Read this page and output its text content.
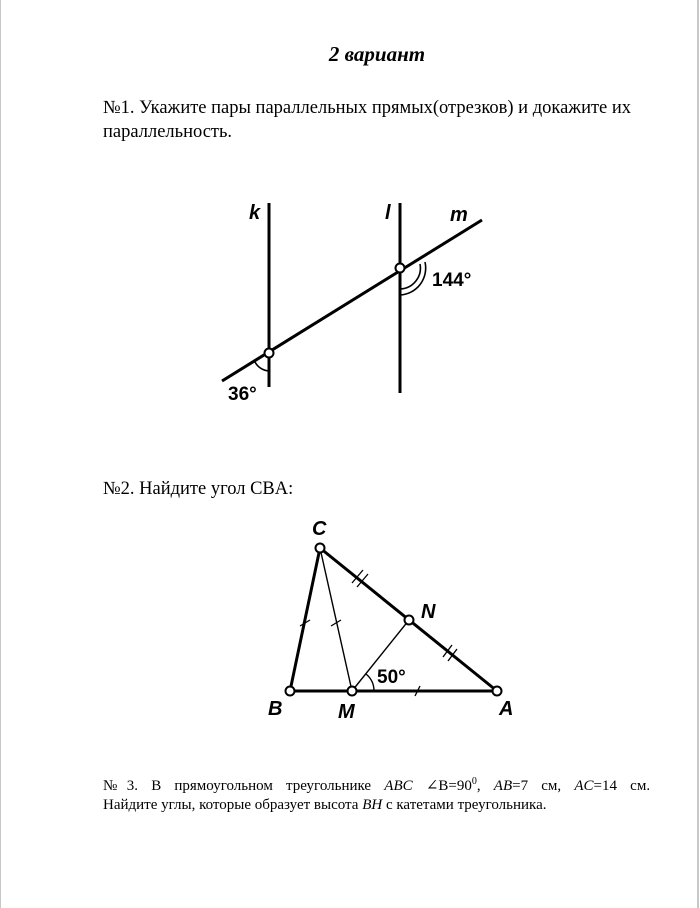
2 вариант
№1. Укажите пары параллельных прямых(отрезков) и докажите их параллельность.
k	l	m
36°
144°
C
N
B	M	A
50°
№2. Найдите угол CBA:
№3. В прямоугольном треугольнике ABC $\angle B=90^0$, AB=7 см, AC=14 см.
Найдите углы, которые образует высота BH с катетами треугольника.
